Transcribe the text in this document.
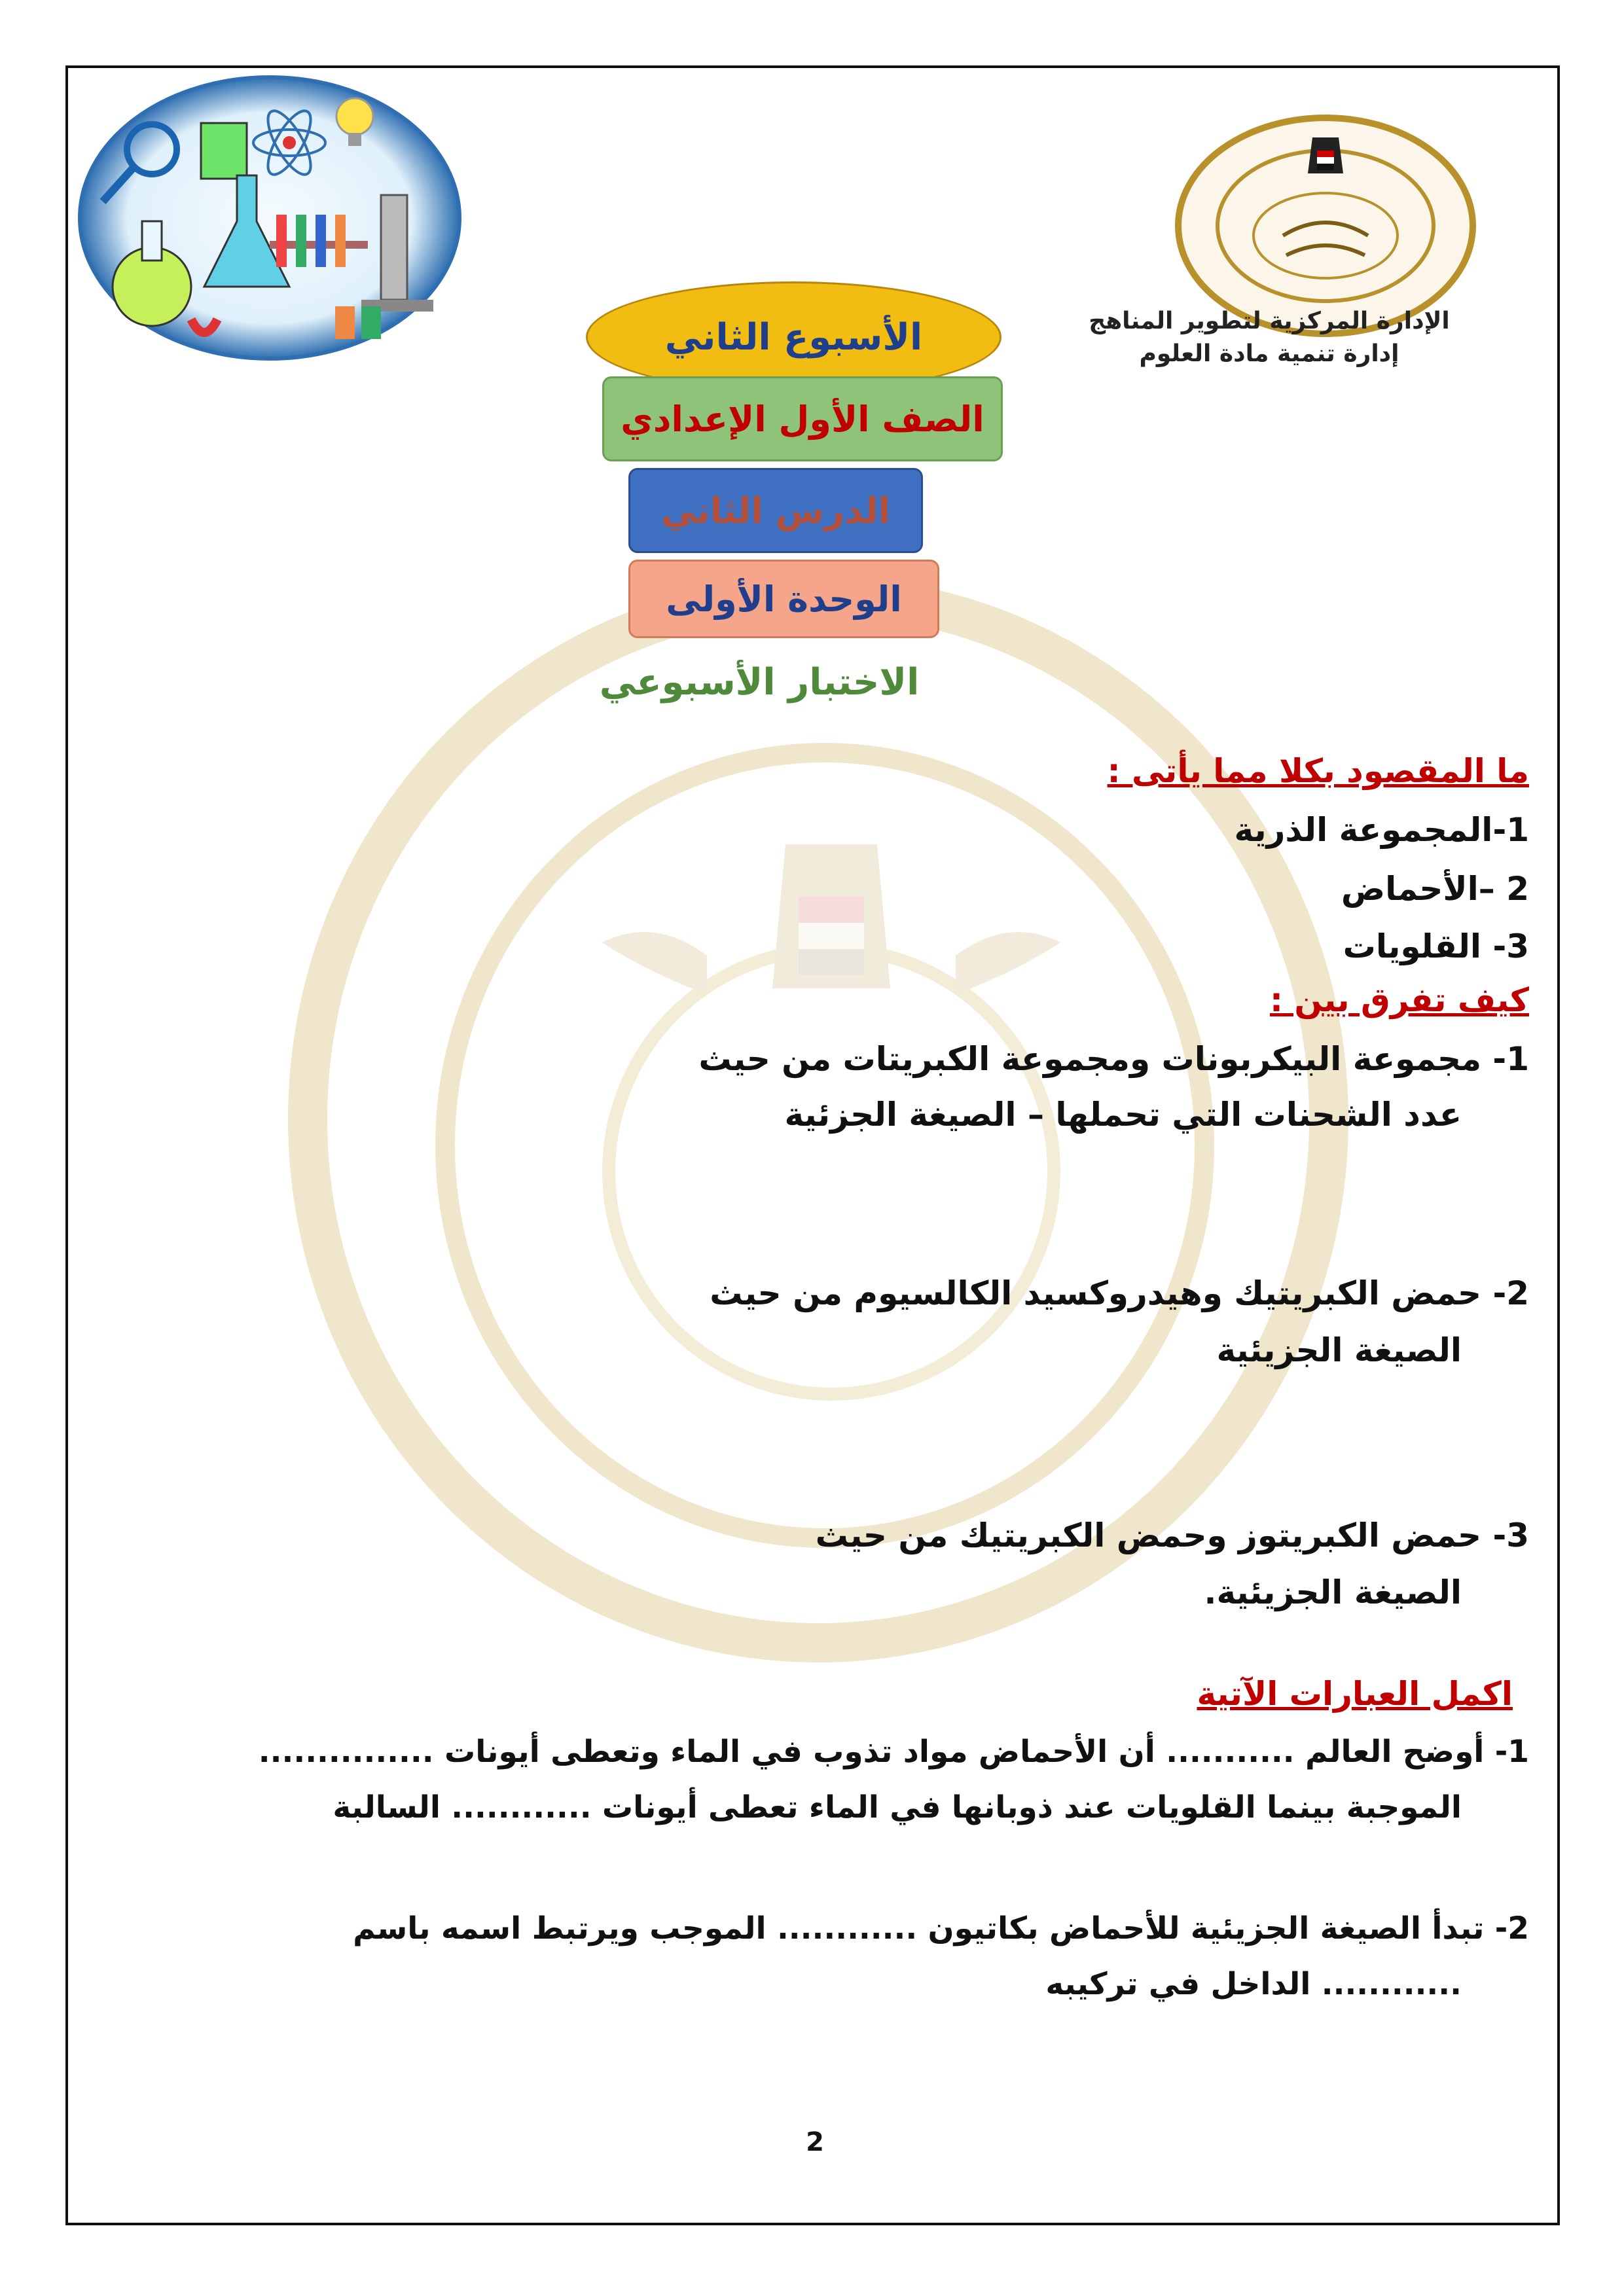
الإدارة المركزية لتطوير المناهج
إدارة تنمية مادة العلوم
الأسبوع الثاني
الصف الأول الإعدادي
الدرس الثاني
الوحدة الأولى
الاختبار الأسبوعي
ما المقصود بكلا مما يأتى :
1-المجموعة الذرية
2 –الأحماض
3- القلويات
كيف تفرق بين :
1- مجموعة البيكربونات ومجموعة الكبريتات من حيث
عدد الشحنات التي تحملها – الصيغة الجزئية
2- حمض الكبريتيك وهيدروكسيد الكالسيوم من حيث
الصيغة الجزيئية
3- حمض الكبريتوز وحمض الكبريتيك من حيث
الصيغة الجزيئية.
اكمل العبارات الآتية
1- أوضح العالم ........... أن الأحماض مواد تذوب في الماء وتعطى أيونات ...............
الموجبة بينما القلويات عند ذوبانها في الماء تعطى أيونات ............ السالبة
2- تبدأ الصيغة الجزيئية للأحماض بكاتيون ............ الموجب ويرتبط اسمه باسم
............ الداخل في تركيبه
2
